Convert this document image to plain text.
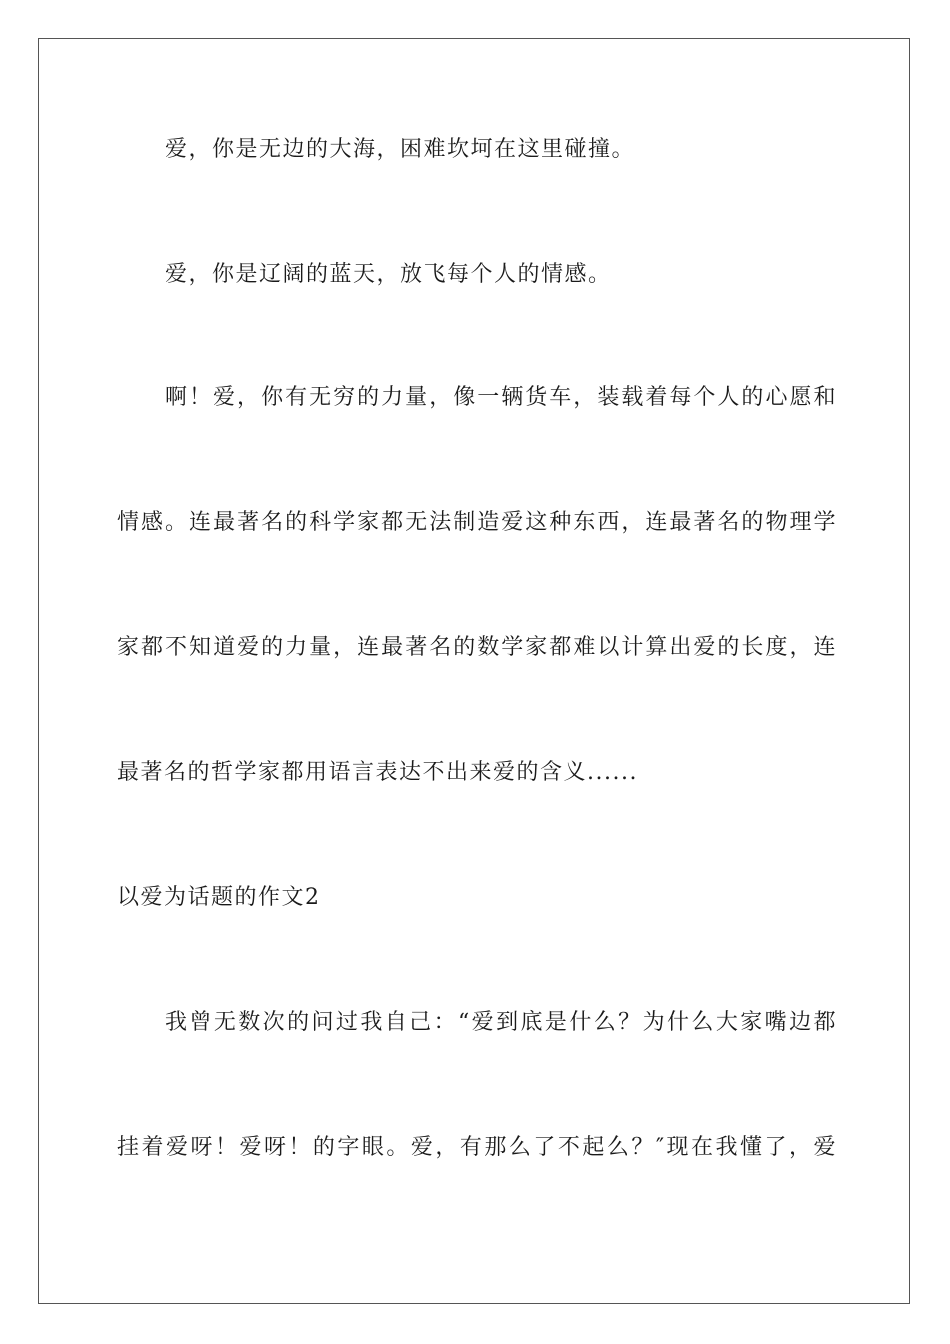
爱，你是无边的大海，困难坎坷在这里碰撞。
爱，你是辽阔的蓝天，放飞每个人的情感。
啊！爱，你有无穷的力量，像一辆货车，装载着每个人的心愿和
情感。连最著名的科学家都无法制造爱这种东西，连最著名的物理学
家都不知道爱的力量，连最著名的数学家都难以计算出爱的长度，连
最著名的哲学家都用语言表达不出来爱的含义......
以爱为话题的作文2
我曾无数次的问过我自己：“爱到底是什么？为什么大家嘴边都
挂着爱呀！爱呀！的字眼。爱，有那么了不起么？″现在我懂了，爱
